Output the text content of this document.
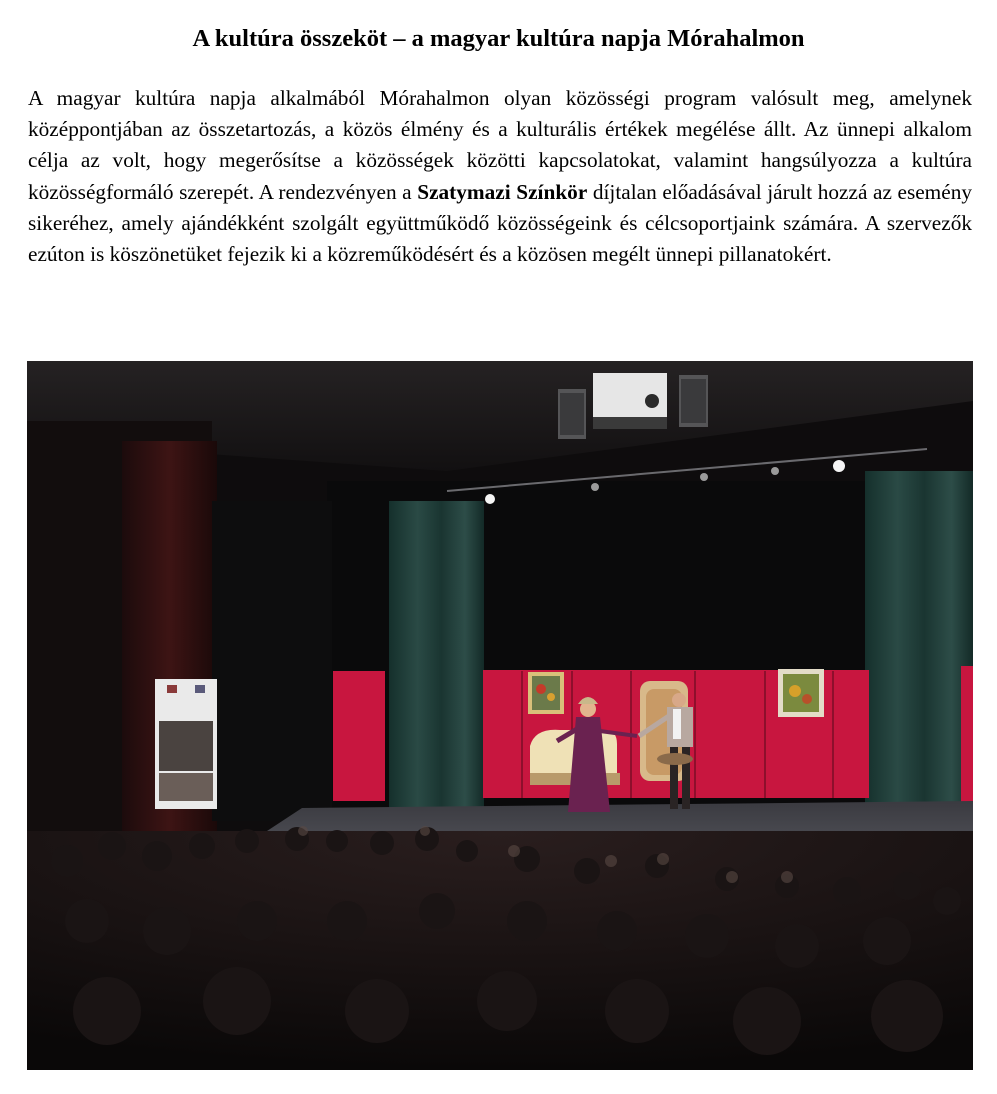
A kultúra összeköt – a magyar kultúra napja Mórahalmon

A magyar kultúra napja alkalmából Mórahalmon olyan közösségi program valósult meg, amelynek középpontjában az összetartozás, a közös élmény és a kulturális értékek megélése állt. Az ünnepi alkalom célja az volt, hogy megerősítse a közösségek közötti kapcsolatokat, valamint hangsúlyozza a kultúra közösségformáló szerepét. A rendezvényen a Szatymazi Színkör díjtalan előadásával járult hozzá az esemény sikeréhez, amely ajándékként szolgált együttműködő közösségeink és célcsoportjaink számára. A szervezők ezúton is köszönetüket fejezik ki a közreműködésért és a közösen megélt ünnepi pillanatokért.
